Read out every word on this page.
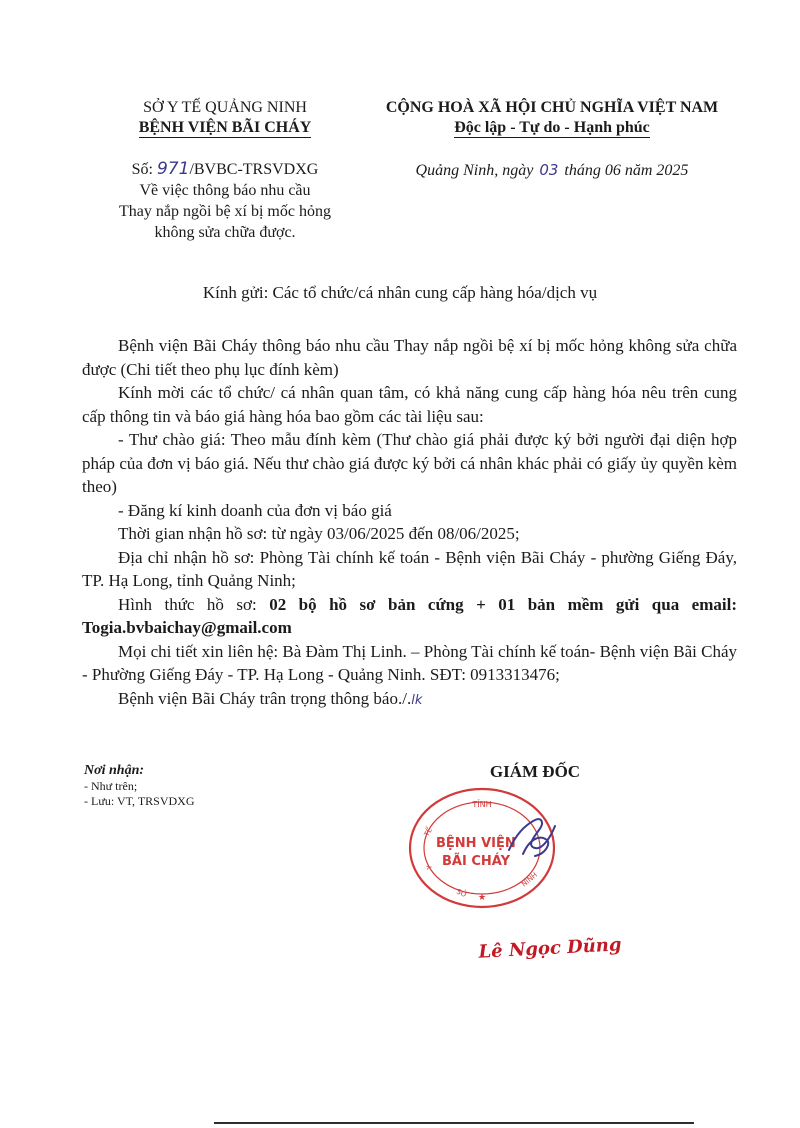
SỞ Y TẾ QUẢNG NINH
BỆNH VIỆN BÃI CHÁY
CỘNG HOÀ XÃ HỘI CHỦ NGHĨA VIỆT NAM
Độc lập - Tự do - Hạnh phúc
Số: 971/BVBC-TRSVDXG
Về việc thông báo nhu cầu
Thay nắp ngồi bệ xí bị mốc hỏng
không sửa chữa được.
Quảng Ninh, ngày 03 tháng 06 năm 2025
Kính gửi: Các tổ chức/cá nhân cung cấp hàng hóa/dịch vụ

Bệnh viện Bãi Cháy thông báo nhu cầu Thay nắp ngồi bệ xí bị mốc hỏng không sửa chữa được (Chi tiết theo phụ lục đính kèm)

Kính mời các tổ chức/ cá nhân quan tâm, có khả năng cung cấp hàng hóa nêu trên cung cấp thông tin và báo giá hàng hóa bao gồm các tài liệu sau:

- Thư chào giá: Theo mẫu đính kèm (Thư chào giá phải được ký bởi người đại diện hợp pháp của đơn vị báo giá. Nếu thư chào giá được ký bởi cá nhân khác phải có giấy ủy quyền kèm theo)

- Đăng kí kinh doanh của đơn vị báo giá

Thời gian nhận hồ sơ: từ ngày 03/06/2025 đến 08/06/2025;

Địa chỉ nhận hồ sơ: Phòng Tài chính kế toán - Bệnh viện Bãi Cháy - phường Giếng Đáy, TP. Hạ Long, tỉnh Quảng Ninh;

Hình thức hồ sơ: 02 bộ hồ sơ bản cứng + 01 bản mềm gửi qua email: Togia.bvbaichay@gmail.com

Mọi chi tiết xin liên hệ: Bà Đàm Thị Linh. – Phòng Tài chính kế toán- Bệnh viện Bãi Cháy - Phường Giếng Đáy - TP. Hạ Long - Quảng Ninh. SĐT: 0913313476;

Bệnh viện Bãi Cháy trân trọng thông báo./.lk

Nơi nhận:
- Như trên;
- Lưu: VT, TRSVDXG
GIÁM ĐỐC
TỈNH
TẾ
Y
SỞ
NINH
★
BỆNH VIỆN
BÃI CHÁY
Lê Ngọc Dũng
